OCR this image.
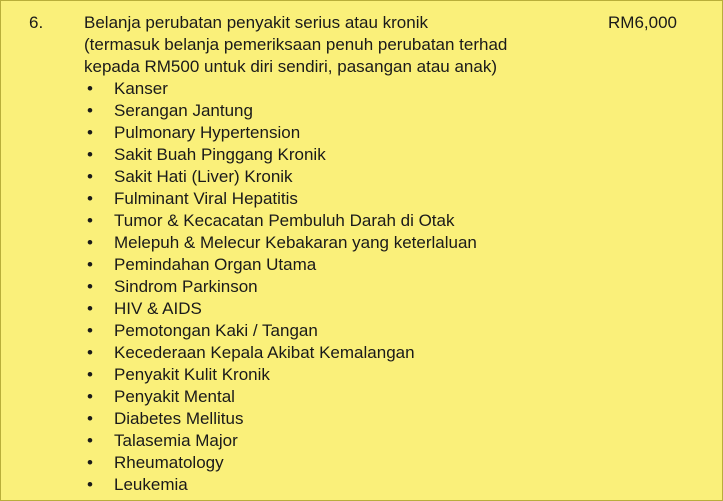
6. Belanja perubatan penyakit serius atau kronik
(termasuk belanja pemeriksaan penuh perubatan terhad
kepada RM500 untuk diri sendiri, pasangan atau anak)
• Kanser
• Serangan Jantung
• Pulmonary Hypertension
• Sakit Buah Pinggang Kronik
• Sakit Hati (Liver) Kronik
• Fulminant Viral Hepatitis
• Tumor & Kecacatan Pembuluh Darah di Otak
• Melepuh & Melecur Kebakaran yang keterlaluan
• Pemindahan Organ Utama
• Sindrom Parkinson
• HIV & AIDS
• Pemotongan Kaki / Tangan
• Kecederaan Kepala Akibat Kemalangan
• Penyakit Kulit Kronik
• Penyakit Mental
• Diabetes Mellitus
• Talasemia Major
• Rheumatology
• Leukemia
RM6,000
